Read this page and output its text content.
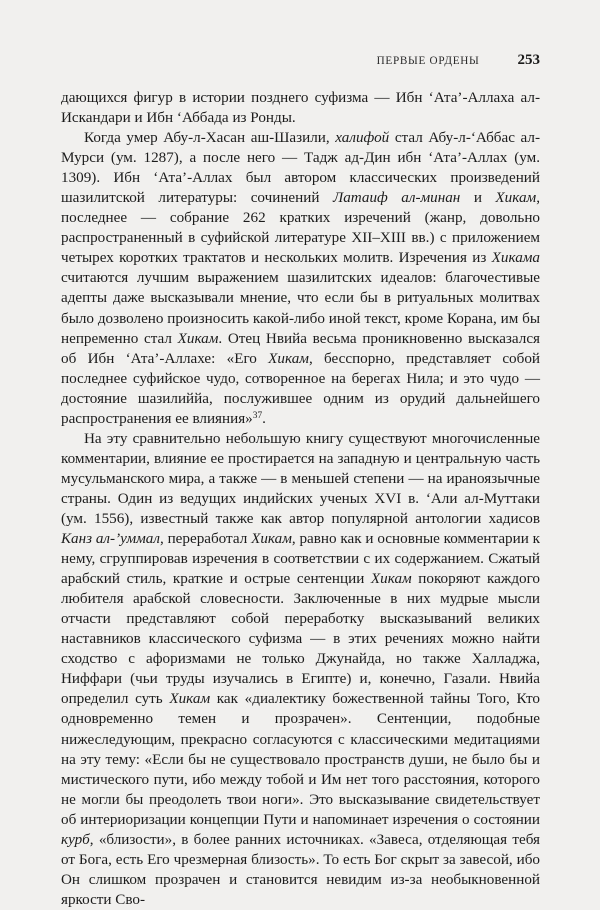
ПЕРВЫЕ ОРДЕНЫ	253

дающихся фигур в истории позднего суфизма — Ибн ‘Ата’-Аллаха ал-Искандари и Ибн ‘Аббада из Ронды.

Когда умер Абу-л-Хасан аш-Шазили, халифой стал Абу-л-‘Аббас ал-Мурси (ум. 1287), а после него — Тадж ад-Дин ибн ‘Ата’-Аллах (ум. 1309). Ибн ‘Ата’-Аллах был автором классических произведений шазилитской литературы: сочинений Латаиф ал-минан и Хикам, последнее — собрание 262 кратких изречений (жанр, довольно распространенный в суфийской литературе XII–XIII вв.) с приложением четырех коротких трактатов и нескольких молитв. Изречения из Хикама считаются лучшим выражением шазилитских идеалов: благочестивые адепты даже высказывали мнение, что если бы в ритуальных молитвах было дозволено произносить какой-либо иной текст, кроме Корана, им бы непременно стал Хикам. Отец Нвийа весьма проникновенно высказался об Ибн ‘Ата’-Аллахе: «Его Хикам, бесспорно, представляет собой последнее суфийское чудо, сотворенное на берегах Нила; и это чудо — достояние шазилиййа, послужившее одним из орудий дальнейшего распространения ее влияния»$^{37}$.

На эту сравнительно небольшую книгу существуют многочисленные комментарии, влияние ее простирается на западную и центральную часть мусульманского мира, а также — в меньшей степени — на ираноязычные страны. Один из ведущих индийских ученых XVI в. ‘Али ал-Муттаки (ум. 1556), известный также как автор популярной антологии хадисов Канз ал-’уммал, переработал Хикам, равно как и основные комментарии к нему, сгруппировав изречения в соответствии с их содержанием. Сжатый арабский стиль, краткие и острые сентенции Хикам покоряют каждого любителя арабской словесности. Заключенные в них мудрые мысли отчасти представляют собой переработку высказываний великих наставников классического суфизма — в этих речениях можно найти сходство с афоризмами не только Джунайда, но также Халладжа, Ниффари (чьи труды изучались в Египте) и, конечно, Газали. Нвийа определил суть Хикам как «диалектику божественной тайны Того, Кто одновременно темен и прозрачен». Сентенции, подобные нижеследующим, прекрасно согласуются с классическими медитациями на эту тему: «Если бы не существовало пространств души, не было бы и мистического пути, ибо между тобой и Им нет того расстояния, которого не могли бы преодолеть твои ноги». Это высказывание свидетельствует об интериоризации концепции Пути и напоминает изречения о состоянии курб, «близости», в более ранних источниках. «Завеса, отделяющая тебя от Бога, есть Его чрезмерная близость». То есть Бог скрыт за завесой, ибо Он слишком прозрачен и становится невидим из-за необыкновенной яркости Сво-
